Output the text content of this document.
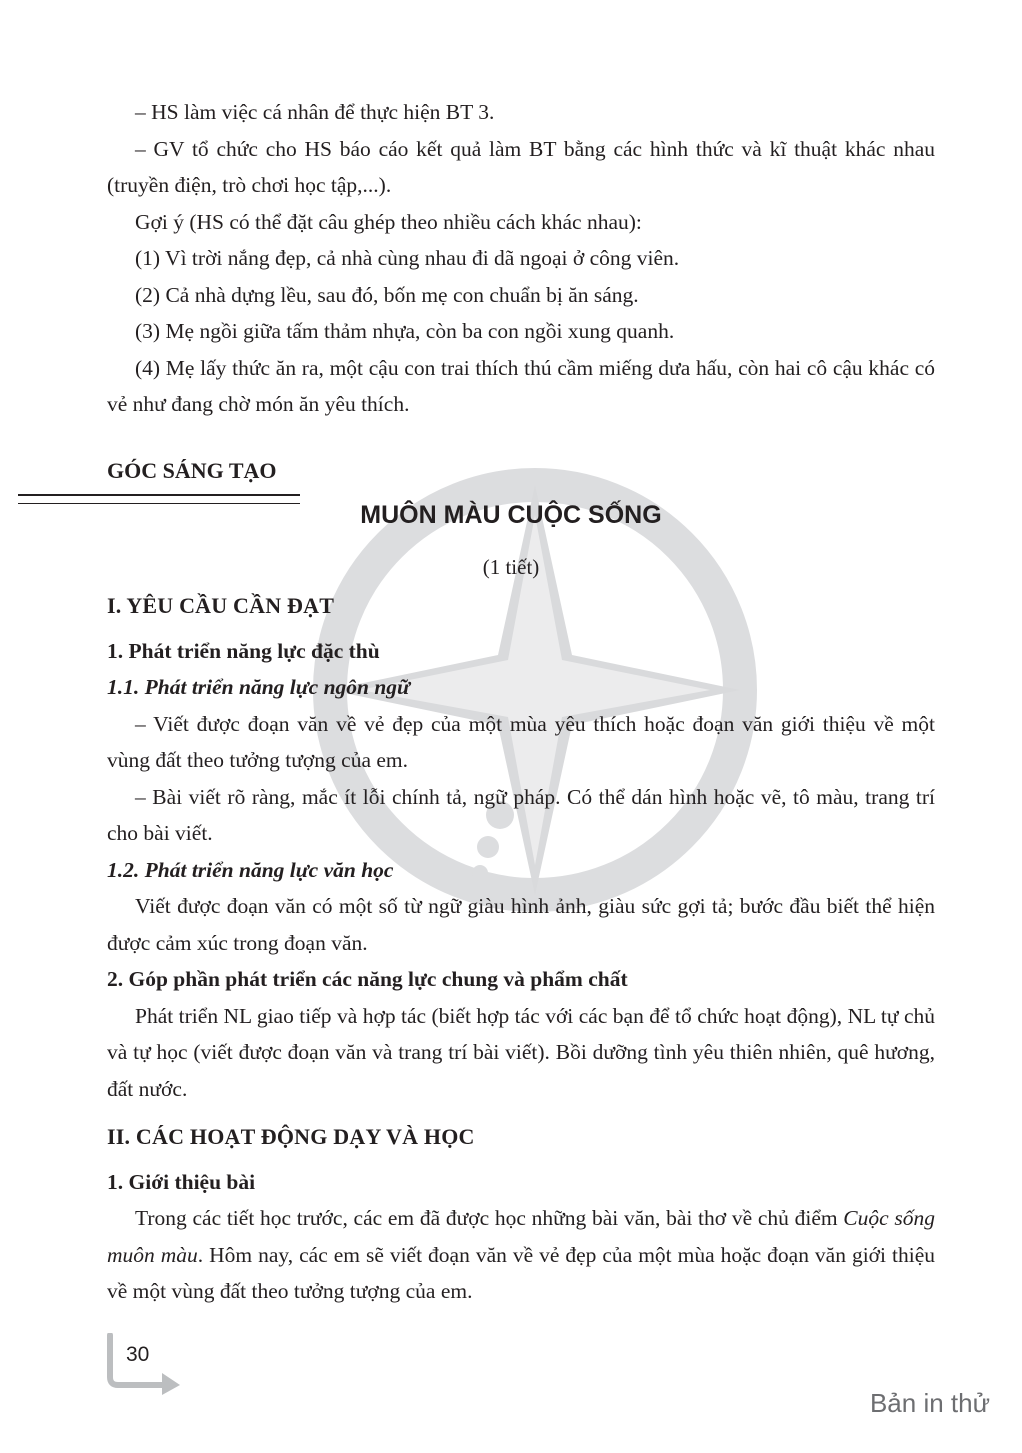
– HS làm việc cá nhân để thực hiện BT 3.

– GV tổ chức cho HS báo cáo kết quả làm BT bằng các hình thức và kĩ thuật khác nhau (truyền điện, trò chơi học tập,...).

Gợi ý (HS có thể đặt câu ghép theo nhiều cách khác nhau):

(1) Vì trời nắng đẹp, cả nhà cùng nhau đi dã ngoại ở công viên.

(2) Cả nhà dựng lều, sau đó, bốn mẹ con chuẩn bị ăn sáng.

(3) Mẹ ngồi giữa tấm thảm nhựa, còn ba con ngồi xung quanh.

(4) Mẹ lấy thức ăn ra, một cậu con trai thích thú cầm miếng dưa hấu, còn hai cô cậu khác có vẻ như đang chờ món ăn yêu thích.

GÓC SÁNG TẠO
MUÔN MÀU CUỘC SỐNG
(1 tiết)

I. YÊU CẦU CẦN ĐẠT

1. Phát triển năng lực đặc thù

1.1. Phát triển năng lực ngôn ngữ

– Viết được đoạn văn về vẻ đẹp của một mùa yêu thích hoặc đoạn văn giới thiệu về một vùng đất theo tưởng tượng của em.

– Bài viết rõ ràng, mắc ít lỗi chính tả, ngữ pháp. Có thể dán hình hoặc vẽ, tô màu, trang trí cho bài viết.

1.2. Phát triển năng lực văn học

Viết được đoạn văn có một số từ ngữ giàu hình ảnh, giàu sức gợi tả; bước đầu biết thể hiện được cảm xúc trong đoạn văn.

2. Góp phần phát triển các năng lực chung và phẩm chất

Phát triển NL giao tiếp và hợp tác (biết hợp tác với các bạn để tổ chức hoạt động), NL tự chủ và tự học (viết được đoạn văn và trang trí bài viết). Bồi dưỡng tình yêu thiên nhiên, quê hương, đất nước.

II. CÁC HOẠT ĐỘNG DẠY VÀ HỌC

1. Giới thiệu bài

Trong các tiết học trước, các em đã được học những bài văn, bài thơ về chủ điểm Cuộc sống muôn màu. Hôm nay, các em sẽ viết đoạn văn về vẻ đẹp của một mùa hoặc đoạn văn giới thiệu về một vùng đất theo tưởng tượng của em.

30
Bản in thử
